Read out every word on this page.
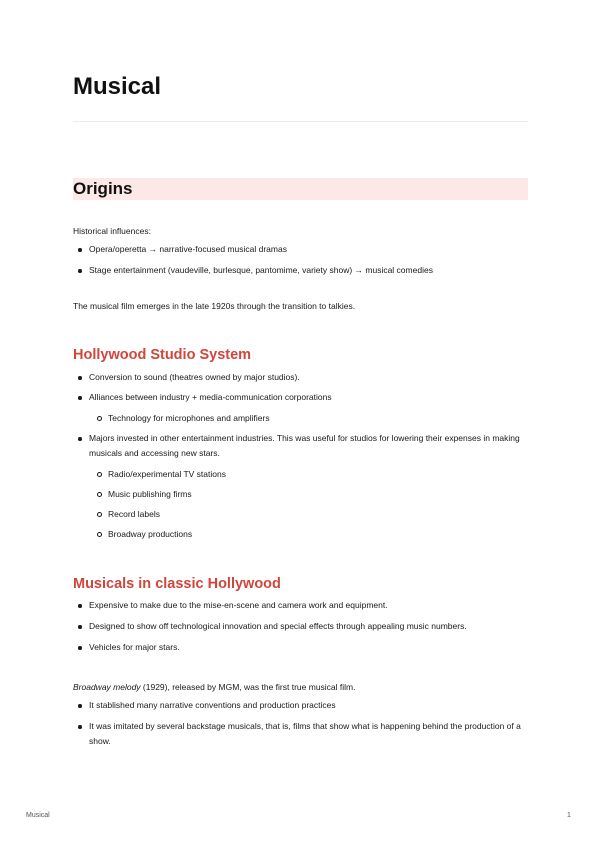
Musical
Origins
Historical influences:
Opera/operetta → narrative-focused musical dramas
Stage entertainment (vaudeville, burlesque, pantomime, variety show) → musical comedies
The musical film emerges in the late 1920s through the transition to talkies.
Hollywood Studio System
Conversion to sound (theatres owned by major studios).
Alliances between industry + media-communication corporations
Technology for microphones and amplifiers
Majors invested in other entertainment industries. This was useful for studios for lowering their expenses in making musicals and accessing new stars.
Radio/experimental TV stations
Music publishing firms
Record labels
Broadway productions
Musicals in classic Hollywood
Expensive to make due to the mise-en-scene and camera work and equipment.
Designed to show off technological innovation and special effects through appealing music numbers.
Vehicles for major stars.
Broadway melody (1929), released by MGM, was the first true musical film.
It stablished many narrative conventions and production practices
It was imitated by several backstage musicals, that is, films that show what is happening behind the production of a show.
Musical	1
